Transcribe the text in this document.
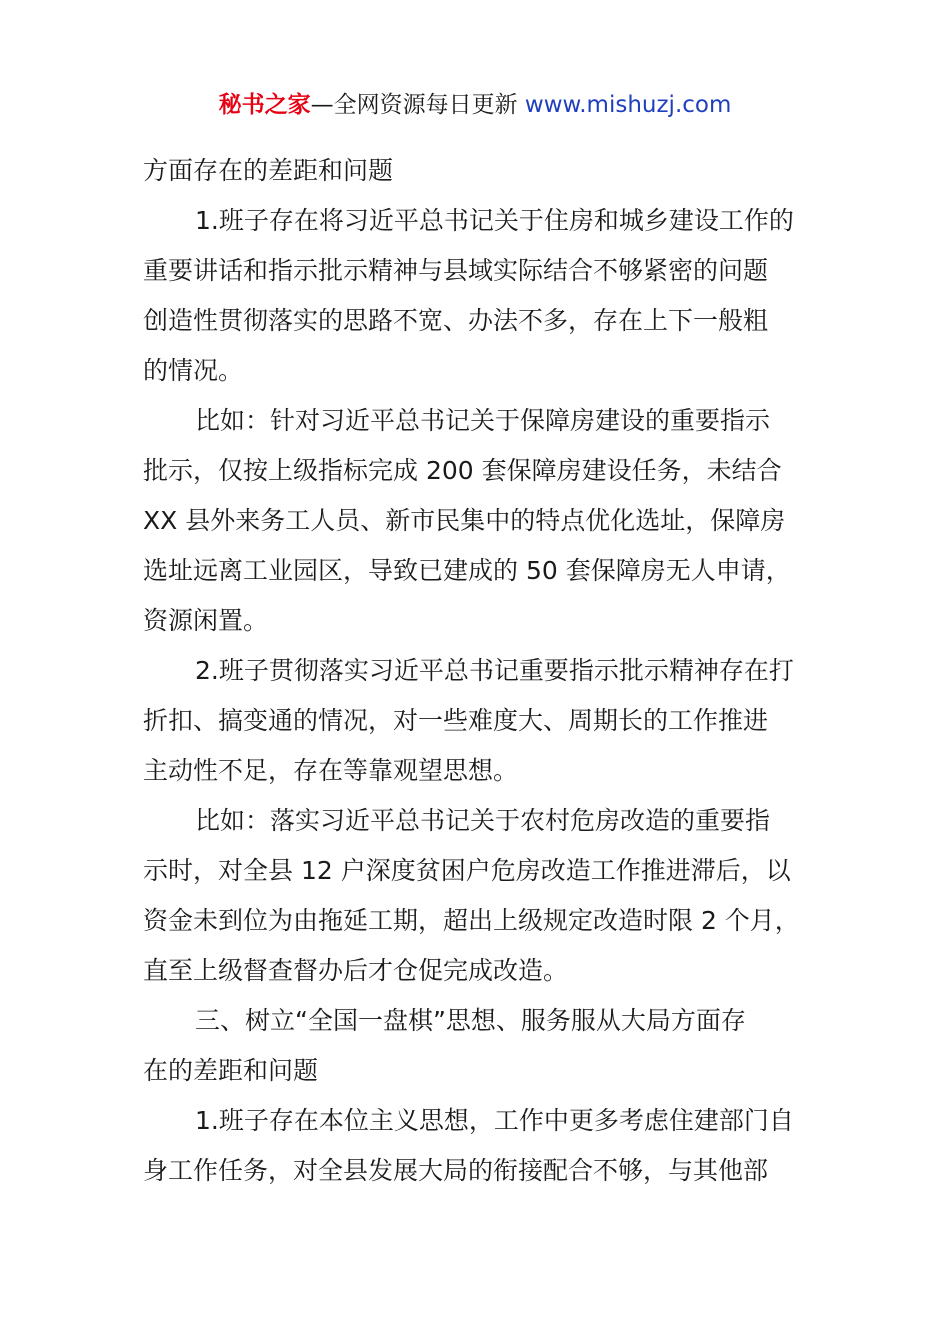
秘书之家—全网资源每日更新 www.mishuzj.com
方面存在的差距和问题
1.班子存在将习近平总书记关于住房和城乡建设工作的
重要讲话和指示批示精神与县域实际结合不够紧密的问题
创造性贯彻落实的思路不宽、办法不多，存在上下一般粗
的情况。
比如：针对习近平总书记关于保障房建设的重要指示
批示，仅按上级指标完成 200 套保障房建设任务，未结合
XX 县外来务工人员、新市民集中的特点优化选址，保障房
选址远离工业园区，导致已建成的 50 套保障房无人申请，
资源闲置。
2.班子贯彻落实习近平总书记重要指示批示精神存在打
折扣、搞变通的情况，对一些难度大、周期长的工作推进
主动性不足，存在等靠观望思想。
比如：落实习近平总书记关于农村危房改造的重要指
示时，对全县 12 户深度贫困户危房改造工作推进滞后，以
资金未到位为由拖延工期，超出上级规定改造时限 2 个月，
直至上级督查督办后才仓促完成改造。
三、树立“全国一盘棋”思想、服务服从大局方面存
在的差距和问题
1.班子存在本位主义思想，工作中更多考虑住建部门自
身工作任务，对全县发展大局的衔接配合不够，与其他部
